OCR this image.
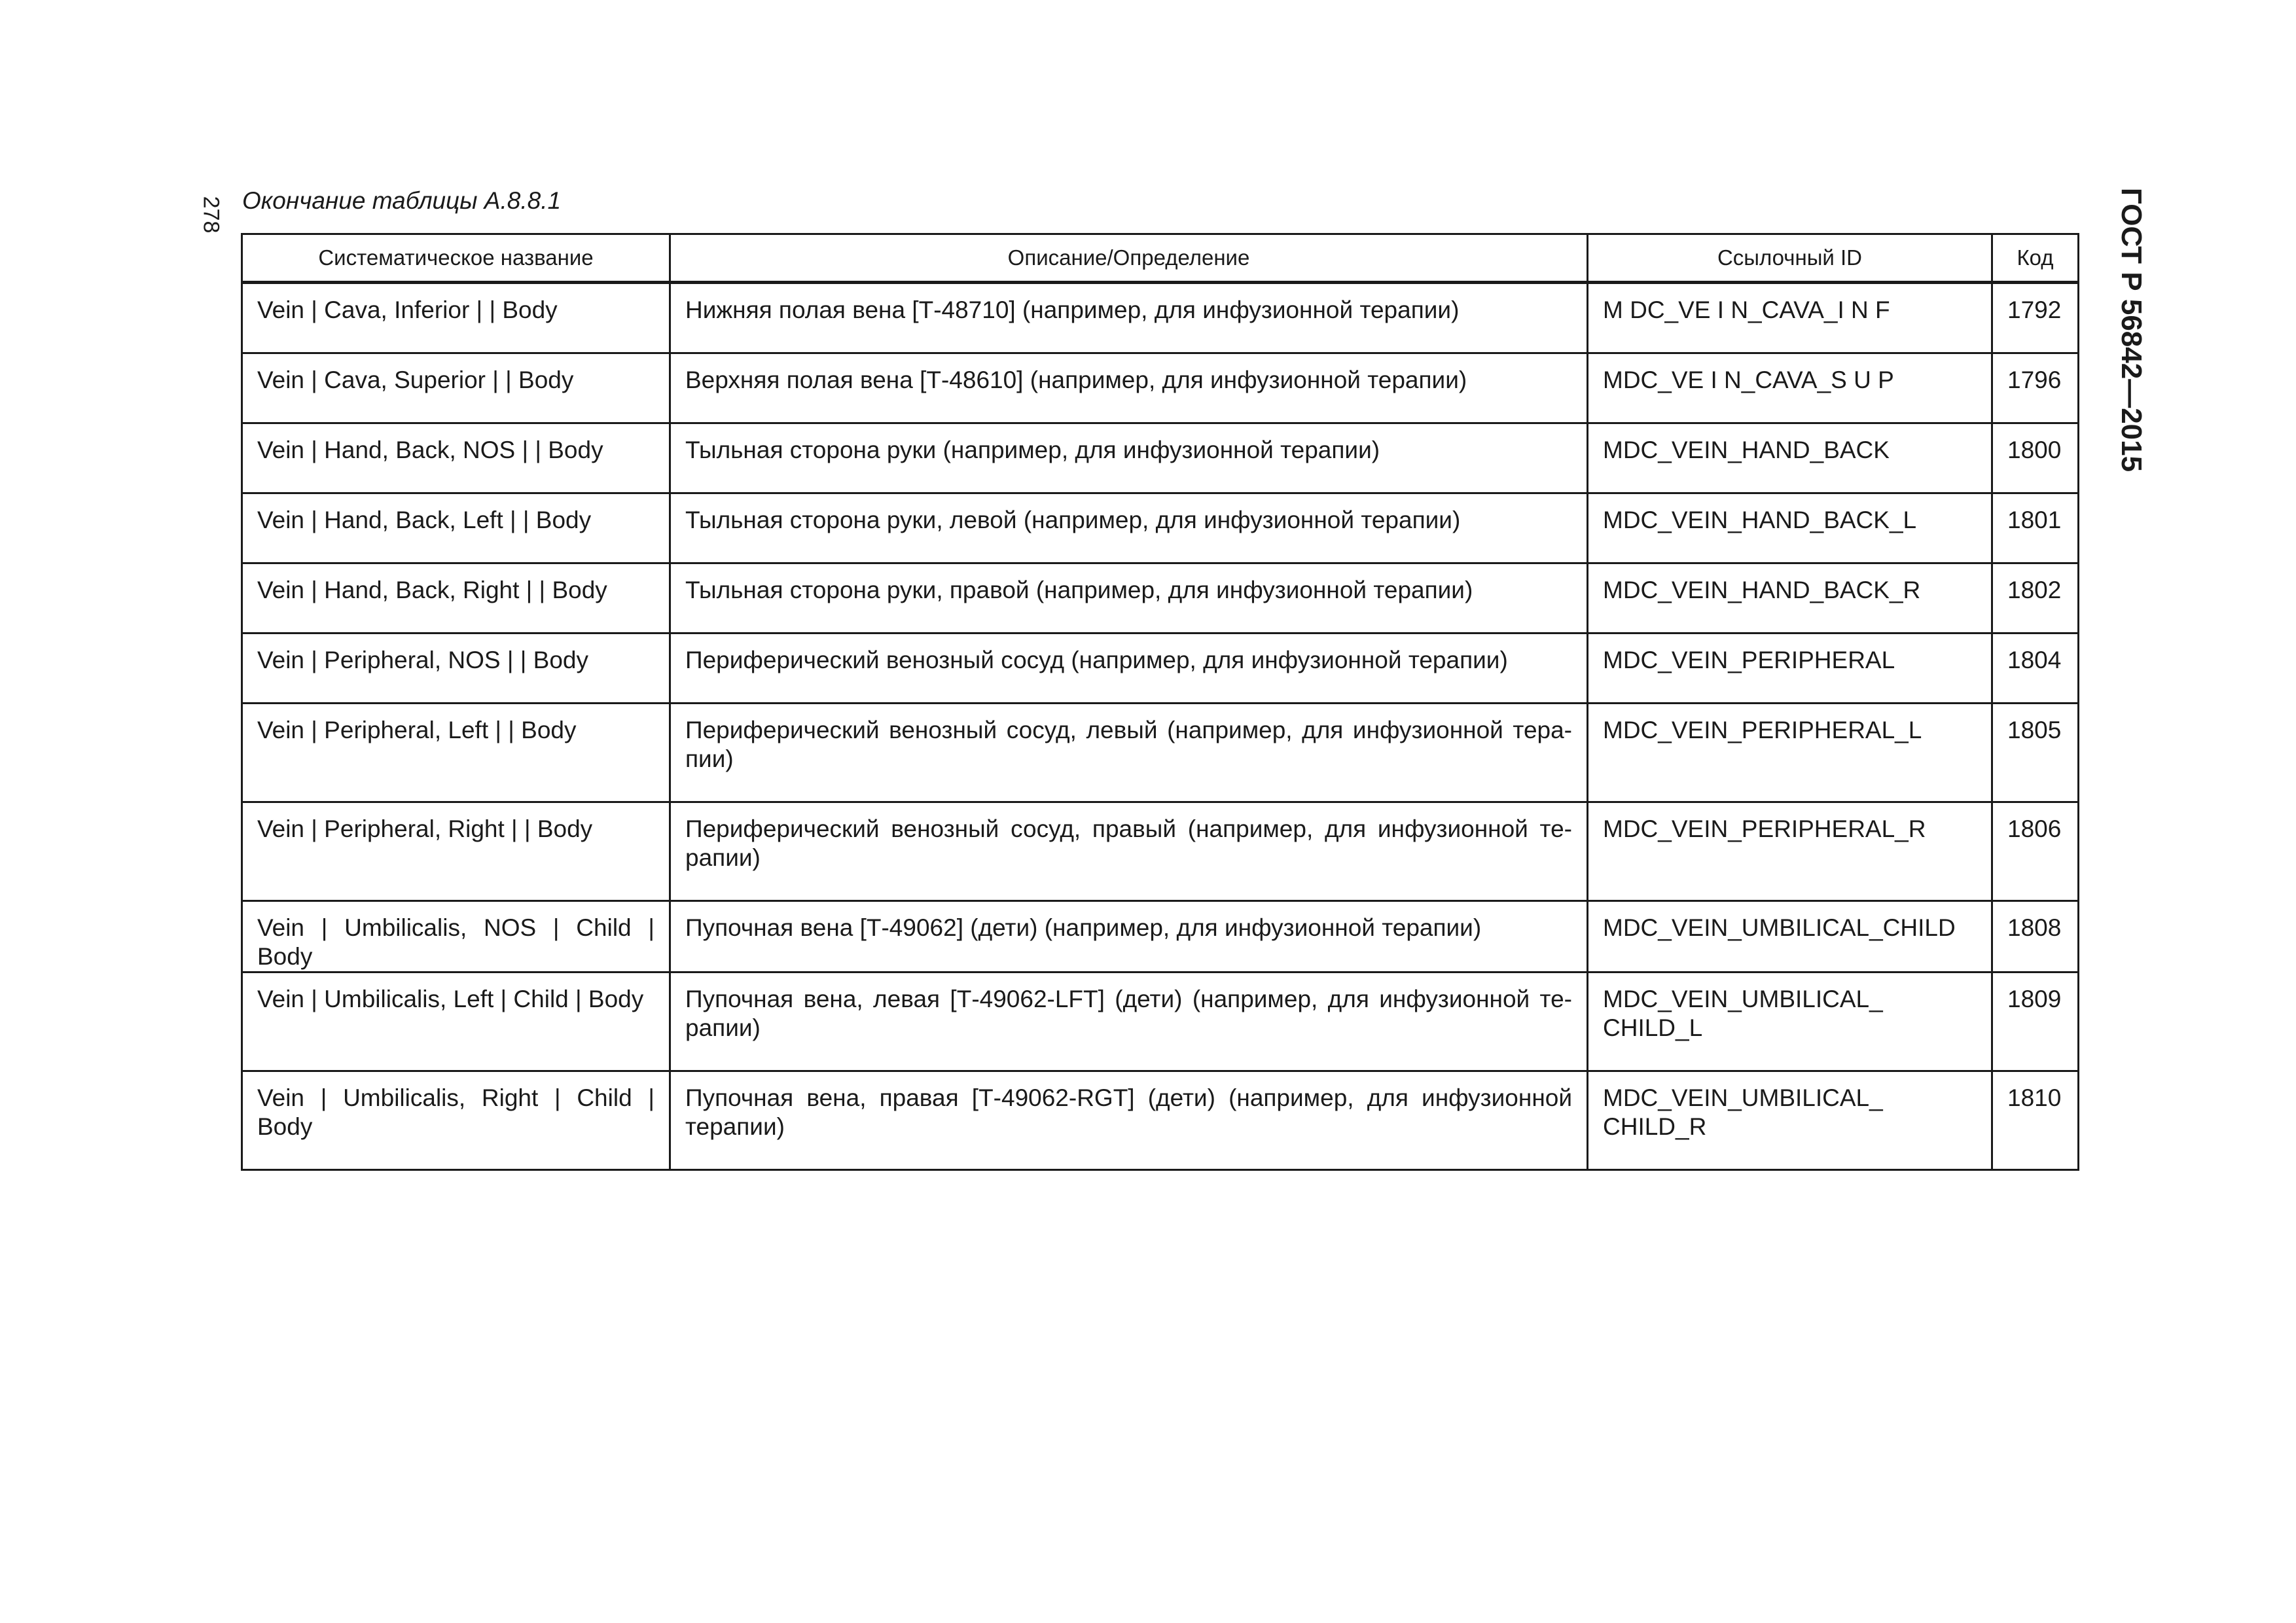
278	ГОСТ Р 56842—2015
Окончание таблицы А.8.8.1
Систематическое название	Описание/Определение	Ссылочный ID	Код
Vein | Cava, Inferior | | Body	Нижняя полая вена [Т-48710] (например, для инфузионной терапии)	M DC_VE I N_CAVA_I N F	1792
Vein | Cava, Superior | | Body	Верхняя полая вена [Т-48610] (например, для инфузионной терапии)	MDC_VE I N_CAVA_S U P	1796
Vein | Hand, Back, NOS | | Body	Тыльная сторона руки (например, для инфузионной терапии)	MDC_VEIN_HAND_BACK	1800
Vein | Hand, Back, Left | | Body	Тыльная сторона руки, левой (например, для инфузионной терапии)	MDC_VEIN_HAND_BACK_L	1801
Vein | Hand, Back, Right | | Body	Тыльная сторона руки, правой (например, для инфузионной терапии)	MDC_VEIN_HAND_BACK_R	1802
Vein | Peripheral, NOS | | Body	Периферический венозный сосуд (например, для инфузионной терапии)	MDC_VEIN_PERIPHERAL	1804
Vein | Peripheral, Left | | Body	Периферический венозный сосуд, левый (например, для инфузионной тера-пии)	MDC_VEIN_PERIPHERAL_L	1805
Vein | Peripheral, Right | | Body	Периферический венозный сосуд, правый (например, для инфузионной те-рапии)	MDC_VEIN_PERIPHERAL_R	1806
Vein | Umbilicalis, NOS | Child | Body	Пупочная вена [Т-49062] (дети) (например, для инфузионной терапии)	MDC_VEIN_UMBILICAL_CHILD	1808
Vein | Umbilicalis, Left | Child | Body	Пупочная вена, левая [Т-49062-LFT] (дети) (например, для инфузионной те-рапии)	MDC_VEIN_UMBILICAL_ CHILD_L	1809
Vein | Umbilicalis, Right | Child | Body	Пупочная вена, правая [Т-49062-RGT] (дети) (например, для инфузионной терапии)	MDC_VEIN_UMBILICAL_ CHILD_R	1810
